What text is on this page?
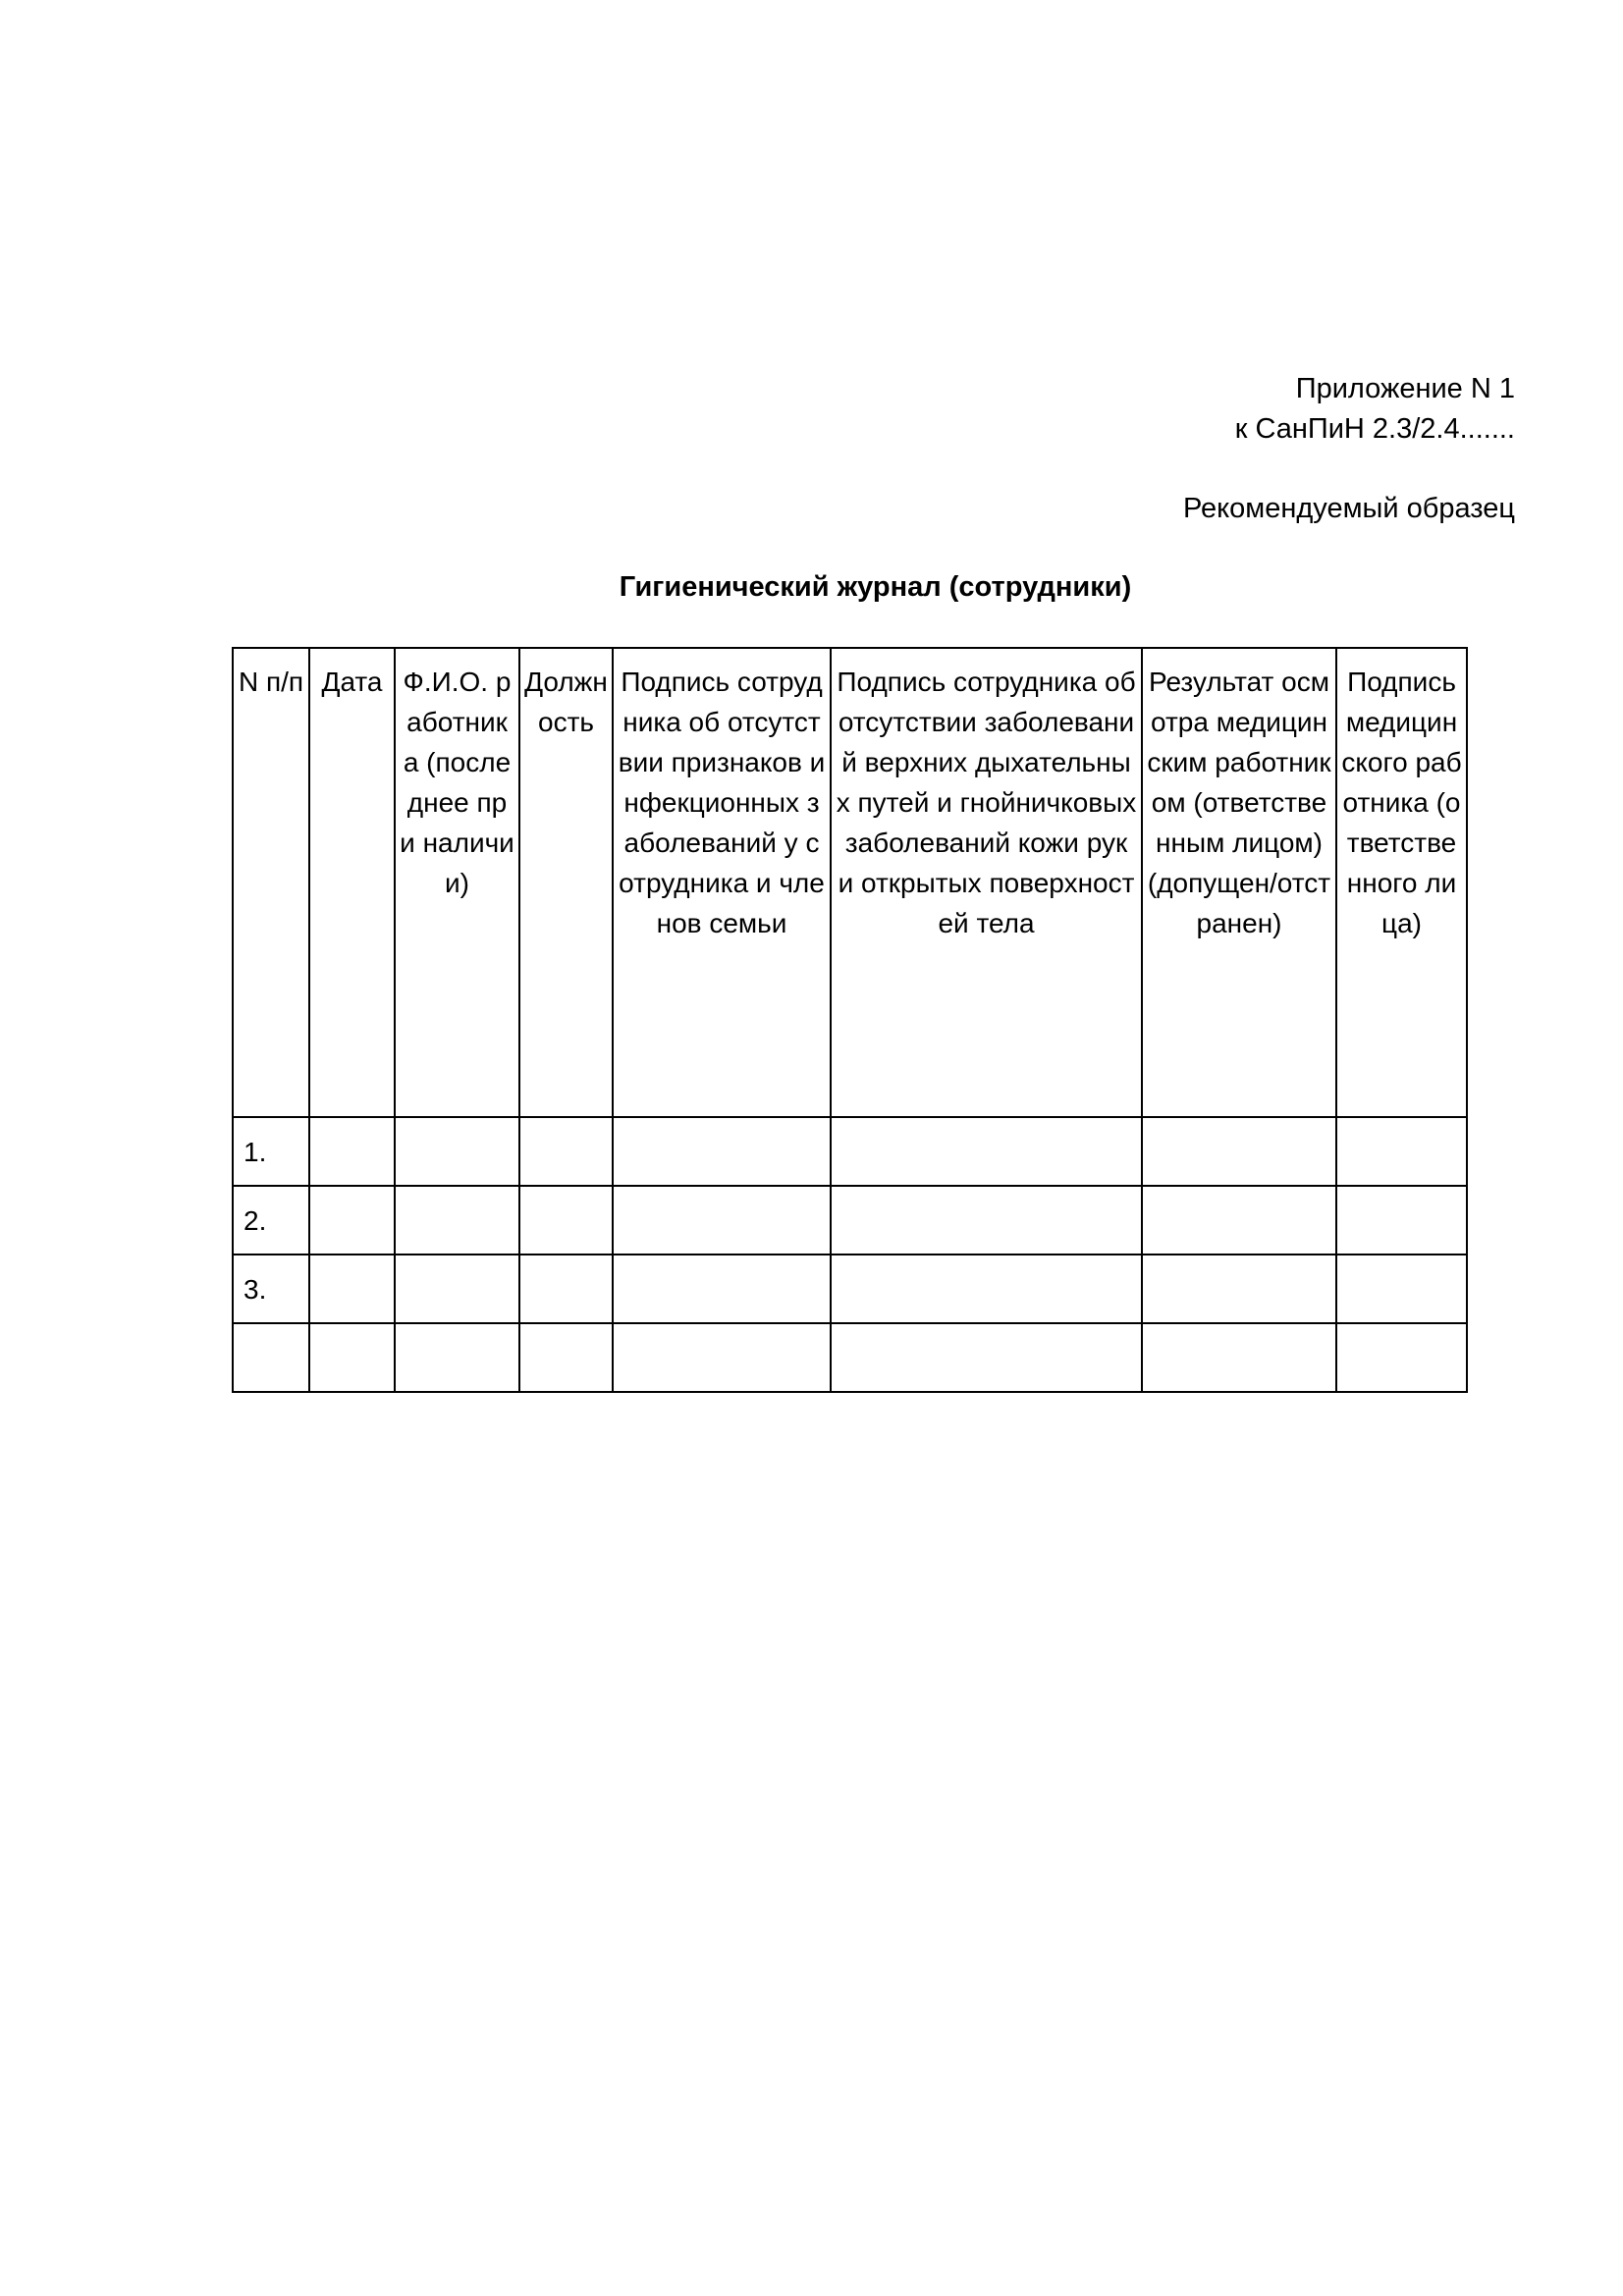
Приложение N 1
к СанПиН 2.3/2.4.......
Рекомендуемый образец
Гигиенический журнал (сотрудники)
N п/п	Дата	Ф.И.О. работника (последнее при наличии)	Должность	Подпись сотрудника об отсутствии признаков инфекционных заболеваний у сотрудника и членов семьи	Подпись сотрудника об отсутствии заболеваний верхних дыхательных путей и гнойничковых заболеваний кожи рук и открытых поверхностей тела	Результат осмотра медицинским работником (ответственным лицом) (допущен/отстранен)	Подпись медицинского работника (ответственного лица)

1.							
2.							
3.							
